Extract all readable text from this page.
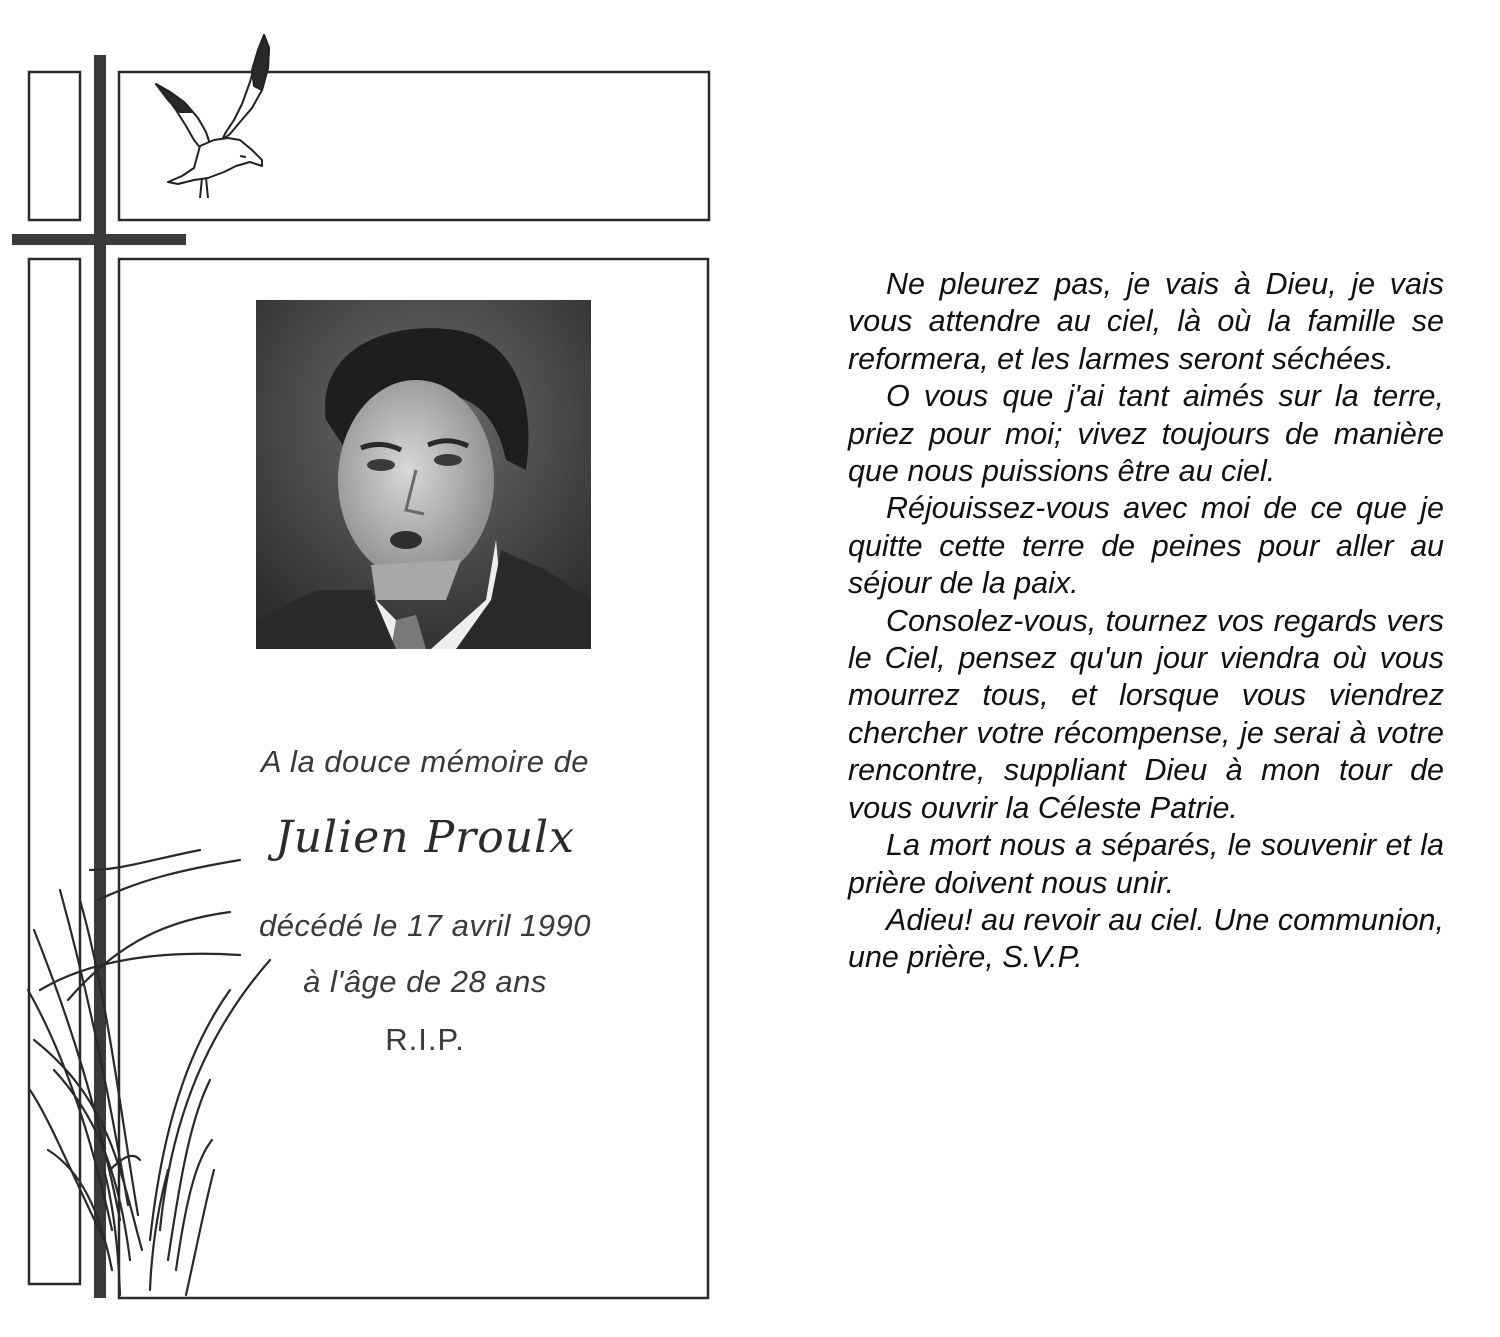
A la douce mémoire de
Julien Proulx
décédé le 17 avril 1990
à l'âge de 28 ans
R.I.P.

Ne pleurez pas, je vais à Dieu, je vais vous attendre au ciel, là où la famille se reformera, et les larmes seront séchées.

O vous que j'ai tant aimés sur la terre, priez pour moi; vivez toujours de manière que nous puissions être au ciel.

Réjouissez-vous avec moi de ce que je quitte cette terre de peines pour aller au séjour de la paix.

Consolez-vous, tournez vos regards vers le Ciel, pensez qu'un jour viendra où vous mourrez tous, et lorsque vous viendrez chercher votre récompense, je serai à votre rencontre, suppliant Dieu à mon tour de vous ouvrir la Céleste Patrie.

La mort nous a séparés, le souvenir et la prière doivent nous unir.

Adieu! au revoir au ciel. Une communion, une prière, S.V.P.
